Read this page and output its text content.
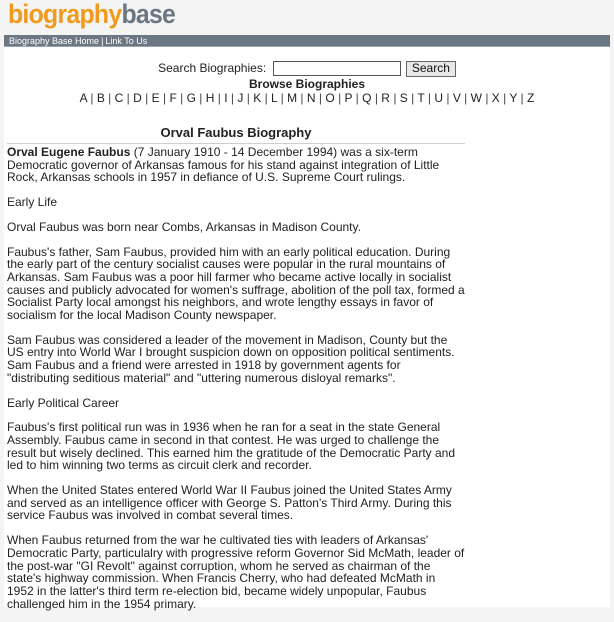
biographybase
Biography Base Home | Link To Us
Search Biographies:	Search
Browse Biographies
A | B | C | D | E | F | G | H | I | J | K | L | M | N | O | P | Q | R | S | T | U | V | W | X | Y | Z
Orval Faubus Biography

Orval Eugene Faubus (7 January 1910 - 14 December 1994) was a six-term Democratic governor of Arkansas famous for his stand against integration of Little Rock, Arkansas schools in 1957 in defiance of U.S. Supreme Court rulings.

Early Life

Orval Faubus was born near Combs, Arkansas in Madison County.

Faubus's father, Sam Faubus, provided him with an early political education. During the early part of the century socialist causes were popular in the rural mountains of Arkansas. Sam Faubus was a poor hill farmer who became active locally in socialist causes and publicly advocated for women's suffrage, abolition of the poll tax, formed a Socialist Party local amongst his neighbors, and wrote lengthy essays in favor of socialism for the local Madison County newspaper.

Sam Faubus was considered a leader of the movement in Madison, County but the US entry into World War I brought suspicion down on opposition political sentiments. Sam Faubus and a friend were arrested in 1918 by government agents for "distributing seditious material" and "uttering numerous disloyal remarks".

Early Political Career

Faubus's first political run was in 1936 when he ran for a seat in the state General Assembly. Faubus came in second in that contest. He was urged to challenge the result but wisely declined. This earned him the gratitude of the Democratic Party and led to him winning two terms as circuit clerk and recorder.

When the United States entered World War II Faubus joined the United States Army and served as an intelligence officer with George S. Patton's Third Army. During this service Faubus was involved in combat several times.

When Faubus returned from the war he cultivated ties with leaders of Arkansas' Democratic Party, particulalry with progressive reform Governor Sid McMath, leader of the post-war "GI Revolt" against corruption, whom he served as chairman of the state's highway commission. When Francis Cherry, who had defeated McMath in 1952 in the latter's third term re-election bid, became widely unpopular, Faubus challenged him in the 1954 primary.
